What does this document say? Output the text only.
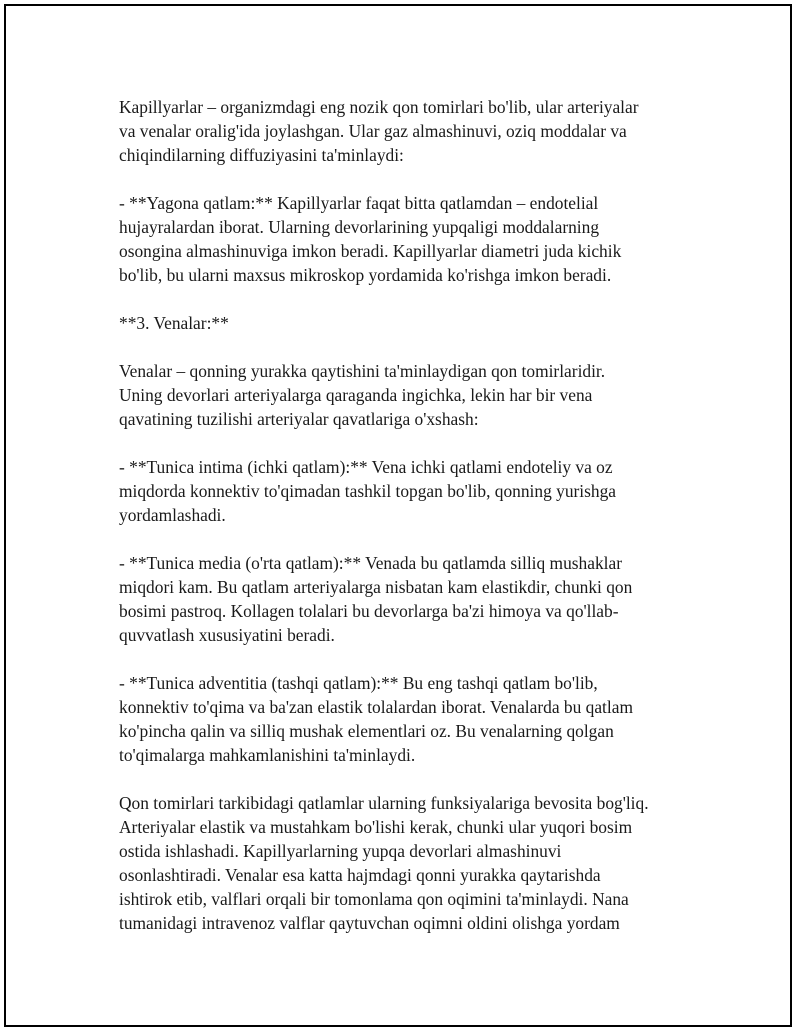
Kapillyarlar – organizmdagi eng nozik qon tomirlari bo'lib, ular arteriyalar
va venalar oralig'ida joylashgan. Ular gaz almashinuvi, oziq moddalar va
chiqindilarning diffuziyasini ta'minlaydi:

- **Yagona qatlam:** Kapillyarlar faqat bitta qatlamdan – endotelial
hujayralardan iborat. Ularning devorlarining yupqaligi moddalarning
osongina almashinuviga imkon beradi. Kapillyarlar diametri juda kichik
bo'lib, bu ularni maxsus mikroskop yordamida ko'rishga imkon beradi.

**3. Venalar:**

Venalar – qonning yurakka qaytishini ta'minlaydigan qon tomirlaridir.
Uning devorlari arteriyalarga qaraganda ingichka, lekin har bir vena
qavatining tuzilishi arteriyalar qavatlariga o'xshash:

- **Tunica intima (ichki qatlam):** Vena ichki qatlami endoteliy va oz
miqdorda konnektiv to'qimadan tashkil topgan bo'lib, qonning yurishga
yordamlashadi.

- **Tunica media (o'rta qatlam):** Venada bu qatlamda silliq mushaklar
miqdori kam. Bu qatlam arteriyalarga nisbatan kam elastikdir, chunki qon
bosimi pastroq. Kollagen tolalari bu devorlarga ba'zi himoya va qo'llab-
quvvatlash xususiyatini beradi.

- **Tunica adventitia (tashqi qatlam):** Bu eng tashqi qatlam bo'lib,
konnektiv to'qima va ba'zan elastik tolalardan iborat. Venalarda bu qatlam
ko'pincha qalin va silliq mushak elementlari oz. Bu venalarning qolgan
to'qimalarga mahkamlanishini ta'minlaydi.

Qon tomirlari tarkibidagi qatlamlar ularning funksiyalariga bevosita bog'liq.
Arteriyalar elastik va mustahkam bo'lishi kerak, chunki ular yuqori bosim
ostida ishlashadi. Kapillyarlarning yupqa devorlari almashinuvi
osonlashtiradi. Venalar esa katta hajmdagi qonni yurakka qaytarishda
ishtirok etib, valflari orqali bir tomonlama qon oqimini ta'minlaydi. Nana
tumanidagi intravenoz valflar qaytuvchan oqimni oldini olishga yordam
